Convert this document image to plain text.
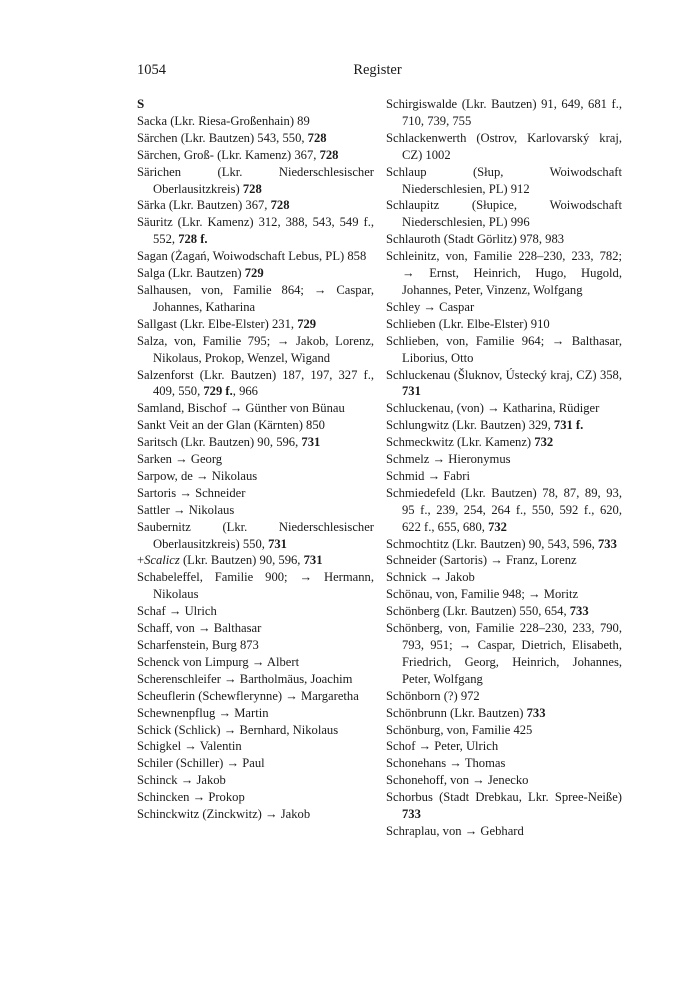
1054	Register
S
Sacka (Lkr. Riesa-Großenhain) 89
Särchen (Lkr. Bautzen) 543, 550, 728
Särchen, Groß- (Lkr. Kamenz) 367, 728
Särichen (Lkr. Niederschlesischer Oberlausitzkreis) 728
Särka (Lkr. Bautzen) 367, 728
Säuritz (Lkr. Kamenz) 312, 388, 543, 549 f., 552, 728 f.
Sagan (Żagań, Woiwodschaft Lebus, PL) 858
Salga (Lkr. Bautzen) 729
Salhausen, von, Familie 864; → Caspar, Johannes, Katharina
Sallgast (Lkr. Elbe-Elster) 231, 729
Salza, von, Familie 795; → Jakob, Lorenz, Nikolaus, Prokop, Wenzel, Wigand
Salzenforst (Lkr. Bautzen) 187, 197, 327 f., 409, 550, 729 f., 966
Samland, Bischof → Günther von Bünau
Sankt Veit an der Glan (Kärnten) 850
Saritsch (Lkr. Bautzen) 90, 596, 731
Sarken → Georg
Sarpow, de → Nikolaus
Sartoris → Schneider
Sattler → Nikolaus
Saubernitz (Lkr. Niederschlesischer Oberlausitzkreis) 550, 731
+Scalicz (Lkr. Bautzen) 90, 596, 731
Schabeleffel, Familie 900; → Hermann, Nikolaus
Schaf → Ulrich
Schaff, von → Balthasar
Scharfenstein, Burg 873
Schenck von Limpurg → Albert
Scherenschleifer → Bartholmäus, Joachim
Scheuflerin (Schewflerynne) → Margaretha
Schewnenpflug → Martin
Schick (Schlick) → Bernhard, Nikolaus
Schigkel → Valentin
Schiler (Schiller) → Paul
Schinck → Jakob
Schincken → Prokop
Schinckwitz (Zinckwitz) → Jakob
Schirgiswalde (Lkr. Bautzen) 91, 649, 681 f., 710, 739, 755
Schlackenwerth (Ostrov, Karlovarský kraj, CZ) 1002
Schlaup (Słup, Woiwodschaft Niederschlesien, PL) 912
Schlaupitz (Słupice, Woiwodschaft Niederschlesien, PL) 996
Schlauroth (Stadt Görlitz) 978, 983
Schleinitz, von, Familie 228–230, 233, 782; → Ernst, Heinrich, Hugo, Hugold, Johannes, Peter, Vinzenz, Wolfgang
Schley → Caspar
Schlieben (Lkr. Elbe-Elster) 910
Schlieben, von, Familie 964; → Balthasar, Liborius, Otto
Schluckenau (Šluknov, Ústecký kraj, CZ) 358, 731
Schluckenau, (von) → Katharina, Rüdiger
Schlungwitz (Lkr. Bautzen) 329, 731 f.
Schmeckwitz (Lkr. Kamenz) 732
Schmelz → Hieronymus
Schmid → Fabri
Schmiedefeld (Lkr. Bautzen) 78, 87, 89, 93, 95 f., 239, 254, 264 f., 550, 592 f., 620, 622 f., 655, 680, 732
Schmochtitz (Lkr. Bautzen) 90, 543, 596, 733
Schneider (Sartoris) → Franz, Lorenz
Schnick → Jakob
Schönau, von, Familie 948; → Moritz
Schönberg (Lkr. Bautzen) 550, 654, 733
Schönberg, von, Familie 228–230, 233, 790, 793, 951; → Caspar, Dietrich, Elisabeth, Friedrich, Georg, Heinrich, Johannes, Peter, Wolfgang
Schönborn (?) 972
Schönbrunn (Lkr. Bautzen) 733
Schönburg, von, Familie 425
Schof → Peter, Ulrich
Schonehans → Thomas
Schonehoff, von → Jenecko
Schorbus (Stadt Drebkau, Lkr. Spree-Neiße) 733
Schraplau, von → Gebhard
